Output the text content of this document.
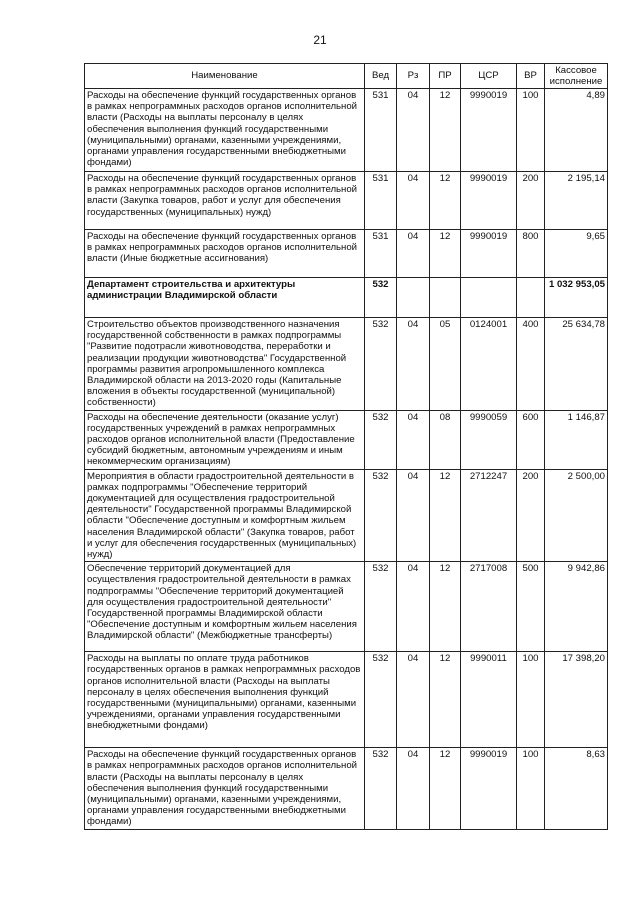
21
Наименование	Вед	Рз	ПР	ЦСР	ВР	Кассовое исполнение
Расходы на обеспечение функций государственных органов в рамках непрограммных расходов органов исполнительной власти (Расходы на выплаты персоналу в целях обеспечения выполнения функций государственными (муниципальными) органами, казенными учреждениями, органами управления государственными внебюджетными фондами)	531	04	12	9990019	100	4,89
Расходы на обеспечение функций государственных органов в рамках непрограммных расходов органов исполнительной власти (Закупка товаров, работ и услуг для обеспечения государственных (муниципальных) нужд)	531	04	12	9990019	200	2 195,14
Расходы на обеспечение функций государственных органов в рамках непрограммных расходов органов исполнительной власти (Иные бюджетные ассигнования)	531	04	12	9990019	800	9,65
Департамент строительства и архитектуры администрации Владимирской области	532					1 032 953,05
Строительство объектов производственного назначения государственной собственности в рамках подпрограммы "Развитие подотрасли животноводства, переработки и реализации продукции животноводства" Государственной программы развития агропромышленного комплекса Владимирской области на 2013-2020 годы (Капитальные вложения в объекты государственной (муниципальной) собственности)	532	04	05	0124001	400	25 634,78
Расходы на обеспечение деятельности (оказание услуг) государственных учреждений в рамках непрограммных расходов органов исполнительной власти (Предоставление субсидий бюджетным, автономным учреждениям и иным некоммерческим организациям)	532	04	08	9990059	600	1 146,87
Мероприятия в области градостроительной деятельности в рамках подпрограммы "Обеспечение территорий документацией для осуществления градостроительной деятельности" Государственной программы Владимирской области "Обеспечение доступным и комфортным жильем населения Владимирской области" (Закупка товаров, работ и услуг для обеспечения государственных (муниципальных) нужд)	532	04	12	2712247	200	2 500,00
Обеспечение территорий документацией для осуществления градостроительной деятельности в рамках подпрограммы "Обеспечение территорий документацией для осуществления градостроительной деятельности" Государственной программы Владимирской области "Обеспечение доступным и комфортным жильем населения Владимирской области" (Межбюджетные трансферты)	532	04	12	2717008	500	9 942,86
Расходы на выплаты по оплате труда работников государственных органов в рамках непрограммных расходов органов исполнительной власти (Расходы на выплаты персоналу в целях обеспечения выполнения функций государственными (муниципальными) органами, казенными учреждениями, органами управления государственными внебюджетными фондами)	532	04	12	9990011	100	17 398,20
Расходы на обеспечение функций государственных органов в рамках непрограммных расходов органов исполнительной власти (Расходы на выплаты персоналу в целях обеспечения выполнения функций государственными (муниципальными) органами, казенными учреждениями, органами управления государственными внебюджетными фондами)	532	04	12	9990019	100	8,63
